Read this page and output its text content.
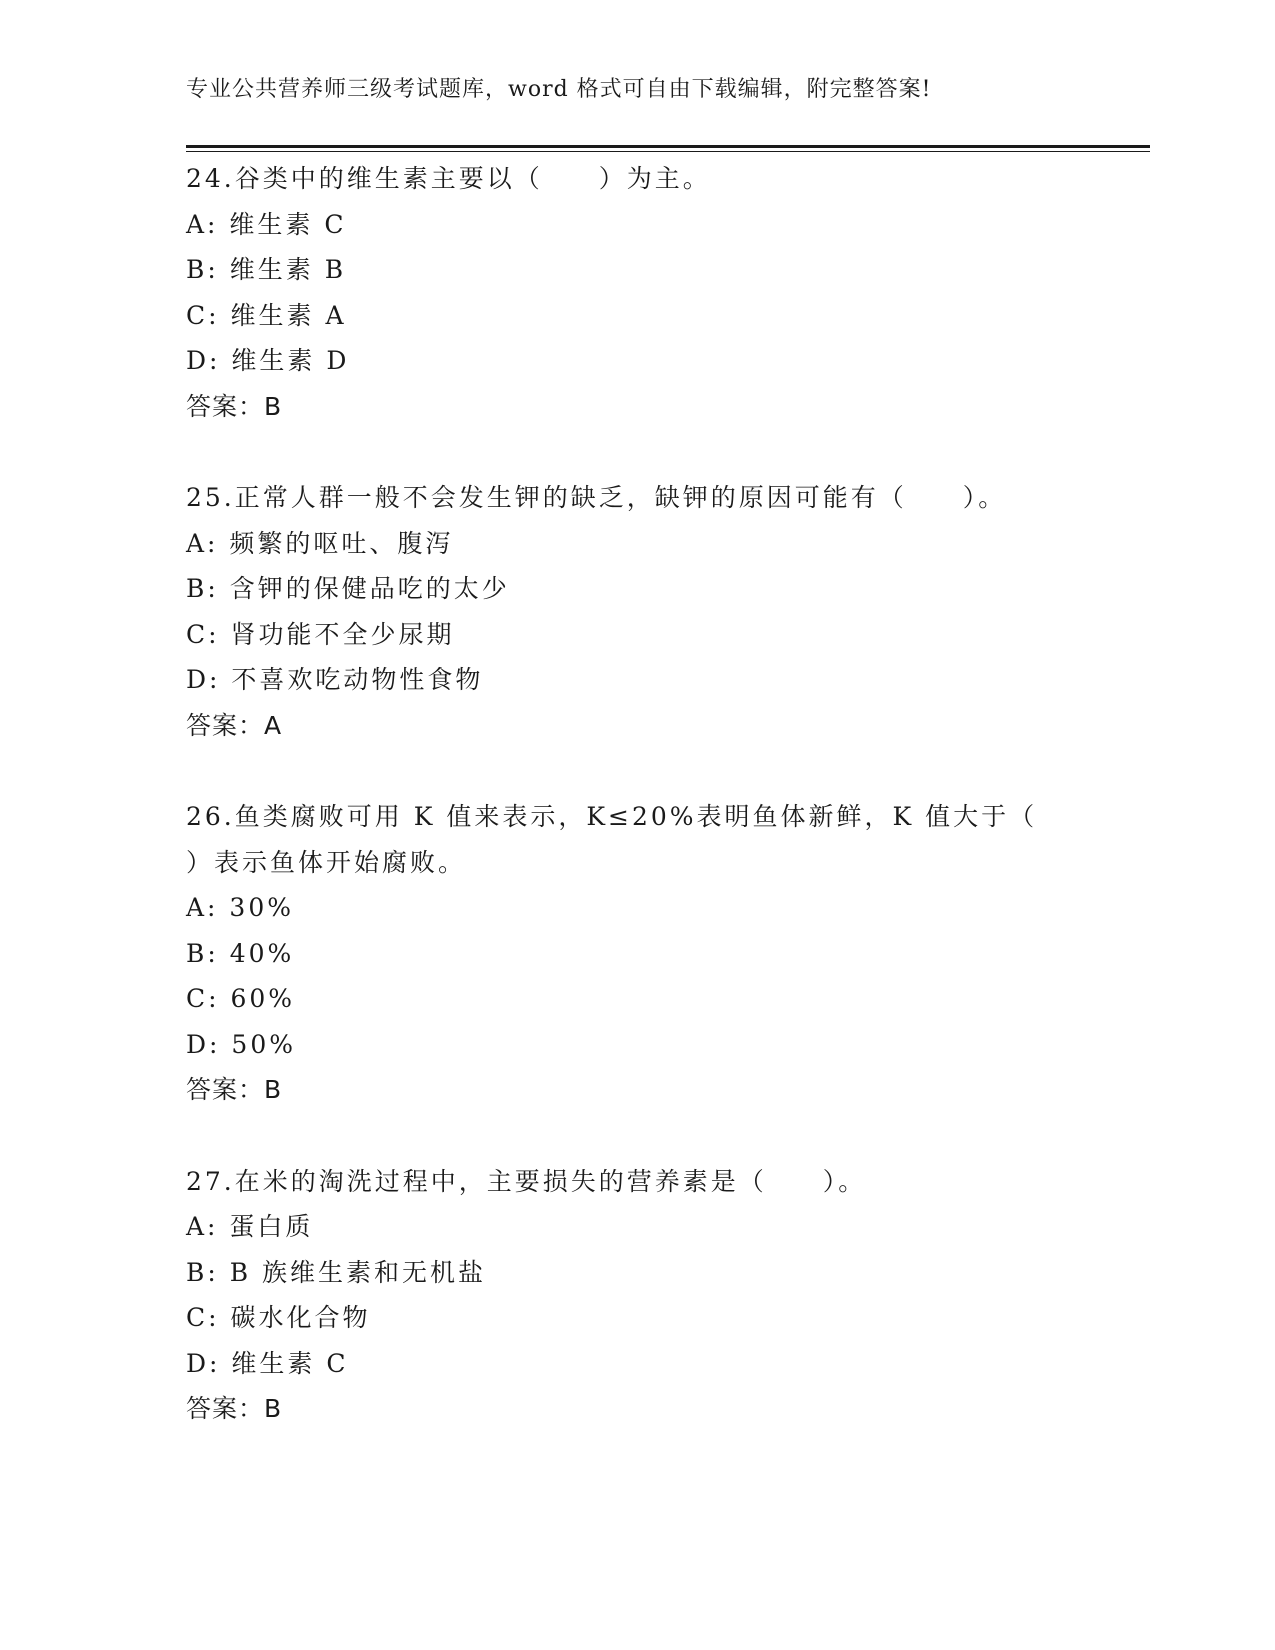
专业公共营养师三级考试题库，word 格式可自由下载编辑，附完整答案!
24.谷类中的维生素主要以（　　）为主。
A: 维生素 C
B: 维生素 B
C: 维生素 A
D: 维生素 D
答案：B
25.正常人群一般不会发生钾的缺乏，缺钾的原因可能有（　　）。
A: 频繁的呕吐、腹泻
B: 含钾的保健品吃的太少
C: 肾功能不全少尿期
D: 不喜欢吃动物性食物
答案：A
26.鱼类腐败可用 K 值来表示，K≤20%表明鱼体新鲜，K 值大于（
）表示鱼体开始腐败。
A: 30%
B: 40%
C: 60%
D: 50%
答案：B
27.在米的淘洗过程中，主要损失的营养素是（　　）。
A: 蛋白质
B: B 族维生素和无机盐
C: 碳水化合物
D: 维生素 C
答案：B
